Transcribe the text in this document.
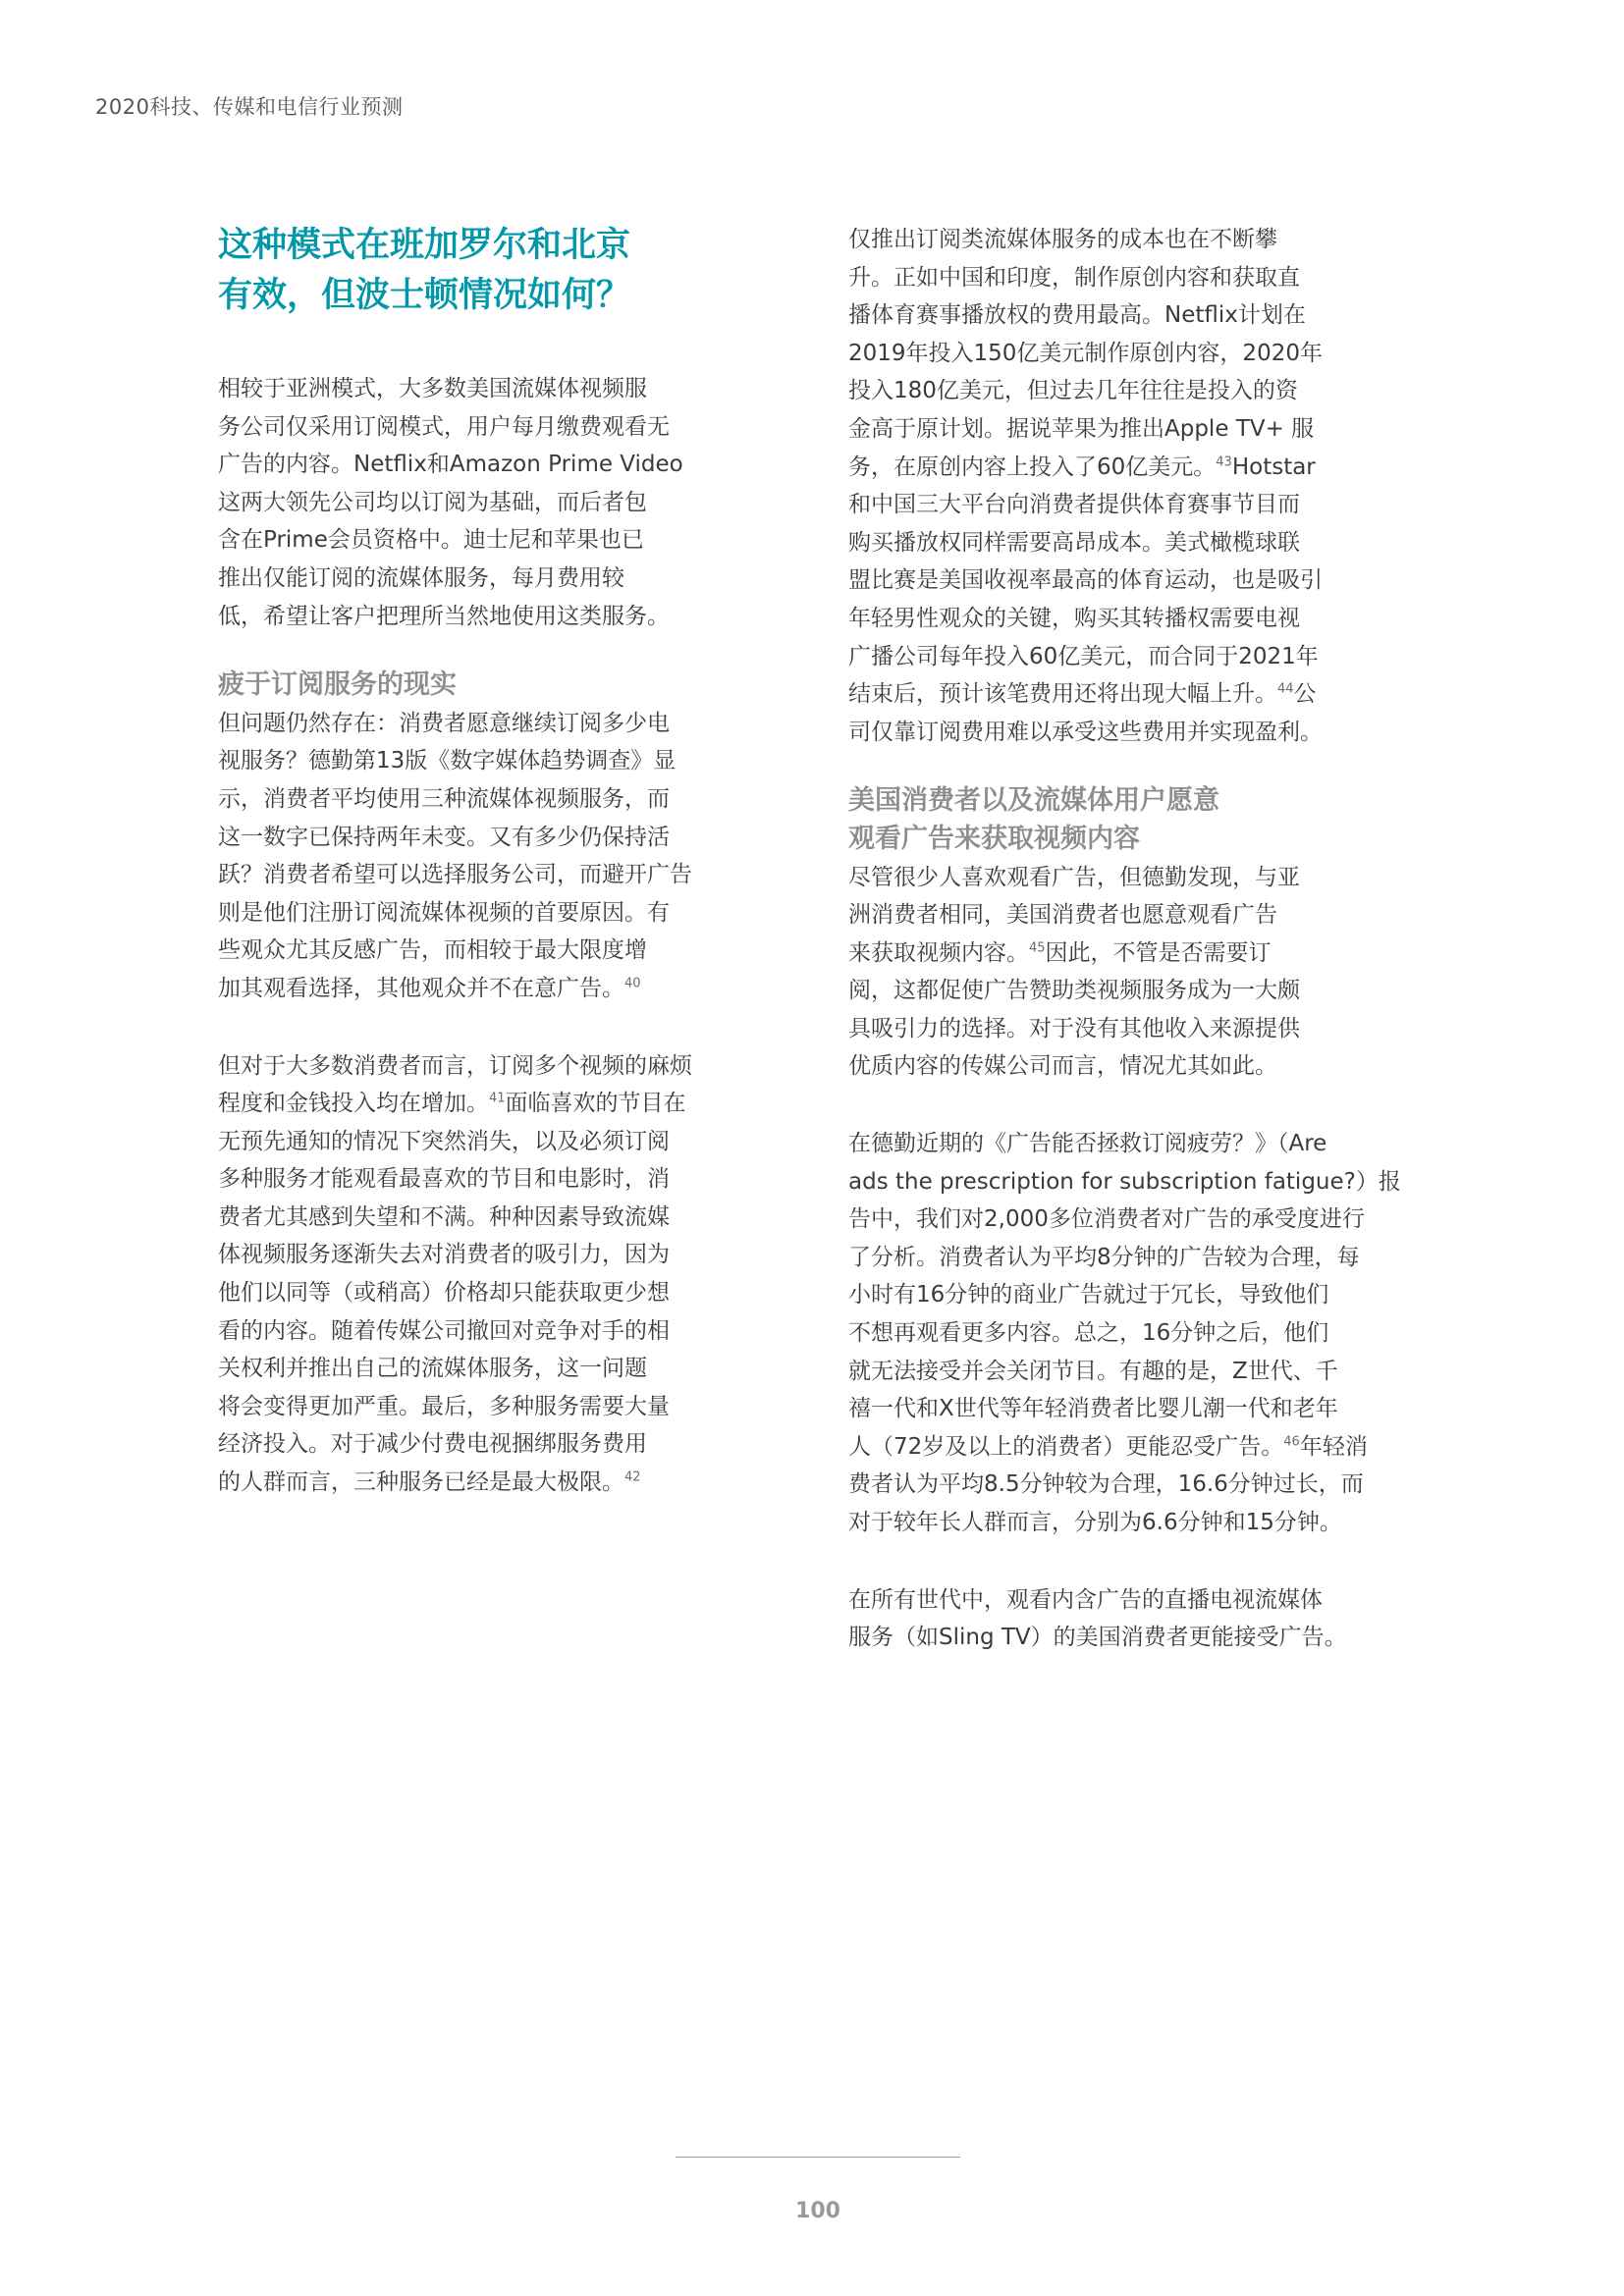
2020科技、传媒和电信行业预测
这种模式在班加罗尔和北京
有效，但波士顿情况如何？

相较于亚洲模式，大多数美国流媒体视频服
务公司仅采用订阅模式，用户每月缴费观看无
广告的内容。Netflix和Amazon Prime Video
这两大领先公司均以订阅为基础，而后者包
含在Prime会员资格中。迪士尼和苹果也已
推出仅能订阅的流媒体服务，每月费用较
低，希望让客户把理所当然地使用这类服务。

疲于订阅服务的现实

但问题仍然存在：消费者愿意继续订阅多少电
视服务？德勤第13版《数字媒体趋势调查》显
示，消费者平均使用三种流媒体视频服务，而
这一数字已保持两年未变。又有多少仍保持活
跃？消费者希望可以选择服务公司，而避开广告
则是他们注册订阅流媒体视频的首要原因。有
些观众尤其反感广告，而相较于最大限度增
加其观看选择，其他观众并不在意广告。$^{40}$

但对于大多数消费者而言，订阅多个视频的麻烦
程度和金钱投入均在增加。$^{41}$面临喜欢的节目在
无预先通知的情况下突然消失，以及必须订阅
多种服务才能观看最喜欢的节目和电影时，消
费者尤其感到失望和不满。种种因素导致流媒
体视频服务逐渐失去对消费者的吸引力，因为
他们以同等（或稍高）价格却只能获取更少想
看的内容。随着传媒公司撤回对竞争对手的相
关权利并推出自己的流媒体服务，这一问题
将会变得更加严重。最后，多种服务需要大量
经济投入。对于减少付费电视捆绑服务费用
的人群而言，三种服务已经是最大极限。$^{42}$

仅推出订阅类流媒体服务的成本也在不断攀
升。正如中国和印度，制作原创内容和获取直
播体育赛事播放权的费用最高。Netflix计划在
2019年投入150亿美元制作原创内容，2020年
投入180亿美元，但过去几年往往是投入的资
金高于原计划。据说苹果为推出Apple TV+ 服
务，在原创内容上投入了60亿美元。$^{43}$Hotstar
和中国三大平台向消费者提供体育赛事节目而
购买播放权同样需要高昂成本。美式橄榄球联
盟比赛是美国收视率最高的体育运动，也是吸引
年轻男性观众的关键，购买其转播权需要电视
广播公司每年投入60亿美元，而合同于2021年
结束后，预计该笔费用还将出现大幅上升。$^{44}$公
司仅靠订阅费用难以承受这些费用并实现盈利。

美国消费者以及流媒体用户愿意
观看广告来获取视频内容

尽管很少人喜欢观看广告，但德勤发现，与亚
洲消费者相同，美国消费者也愿意观看广告
来获取视频内容。$^{45}$因此，不管是否需要订
阅，这都促使广告赞助类视频服务成为一大颇
具吸引力的选择。对于没有其他收入来源提供
优质内容的传媒公司而言，情况尤其如此。

在德勤近期的《广告能否拯救订阅疲劳？》（Are
ads the prescription for subscription fatigue?）报
告中，我们对2,000多位消费者对广告的承受度进行
了分析。消费者认为平均8分钟的广告较为合理，每
小时有16分钟的商业广告就过于冗长，导致他们
不想再观看更多内容。总之，16分钟之后，他们
就无法接受并会关闭节目。有趣的是，Z世代、千
禧一代和X世代等年轻消费者比婴儿潮一代和老年
人（72岁及以上的消费者）更能忍受广告。$^{46}$年轻消
费者认为平均8.5分钟较为合理，16.6分钟过长，而
对于较年长人群而言，分别为6.6分钟和15分钟。

在所有世代中，观看内含广告的直播电视流媒体
服务（如Sling TV）的美国消费者更能接受广告。

100
